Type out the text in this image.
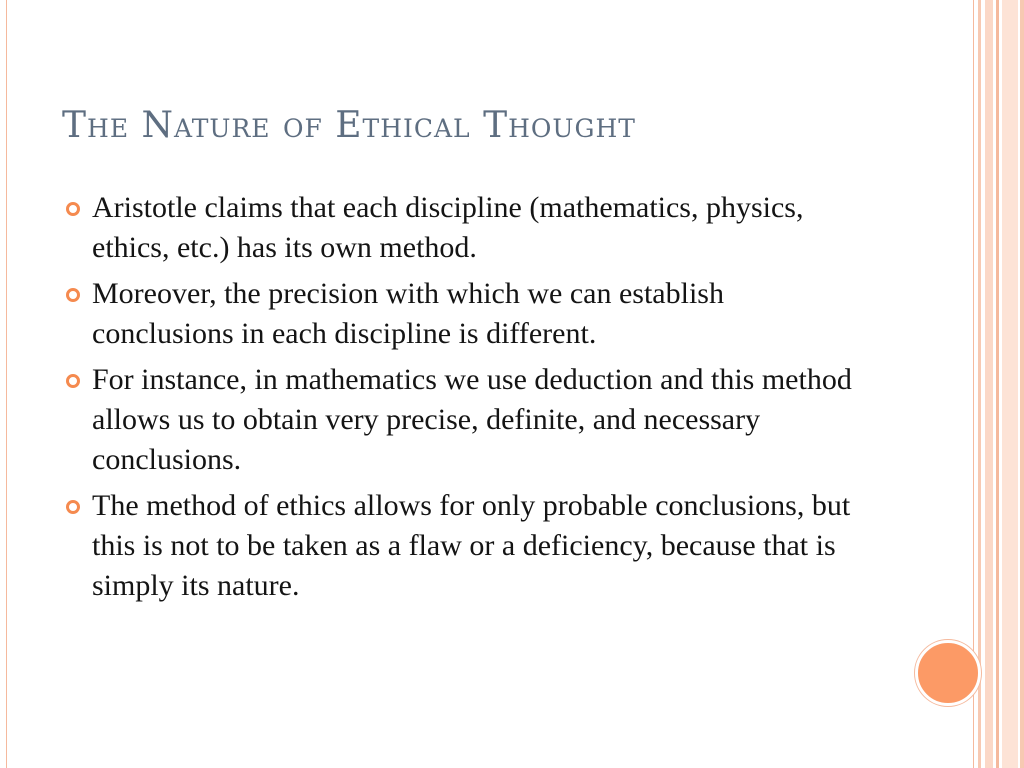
The Nature of Ethical Thought
Aristotle claims that each discipline (mathematics, physics, ethics, etc.) has its own method.
Moreover, the precision with which we can establish conclusions in each discipline is different.
For instance, in mathematics we use deduction and this method allows us to obtain very precise, definite, and necessary conclusions.
The method of ethics allows for only probable conclusions, but this is not to be taken as a flaw or a deficiency, because that is simply its nature.
